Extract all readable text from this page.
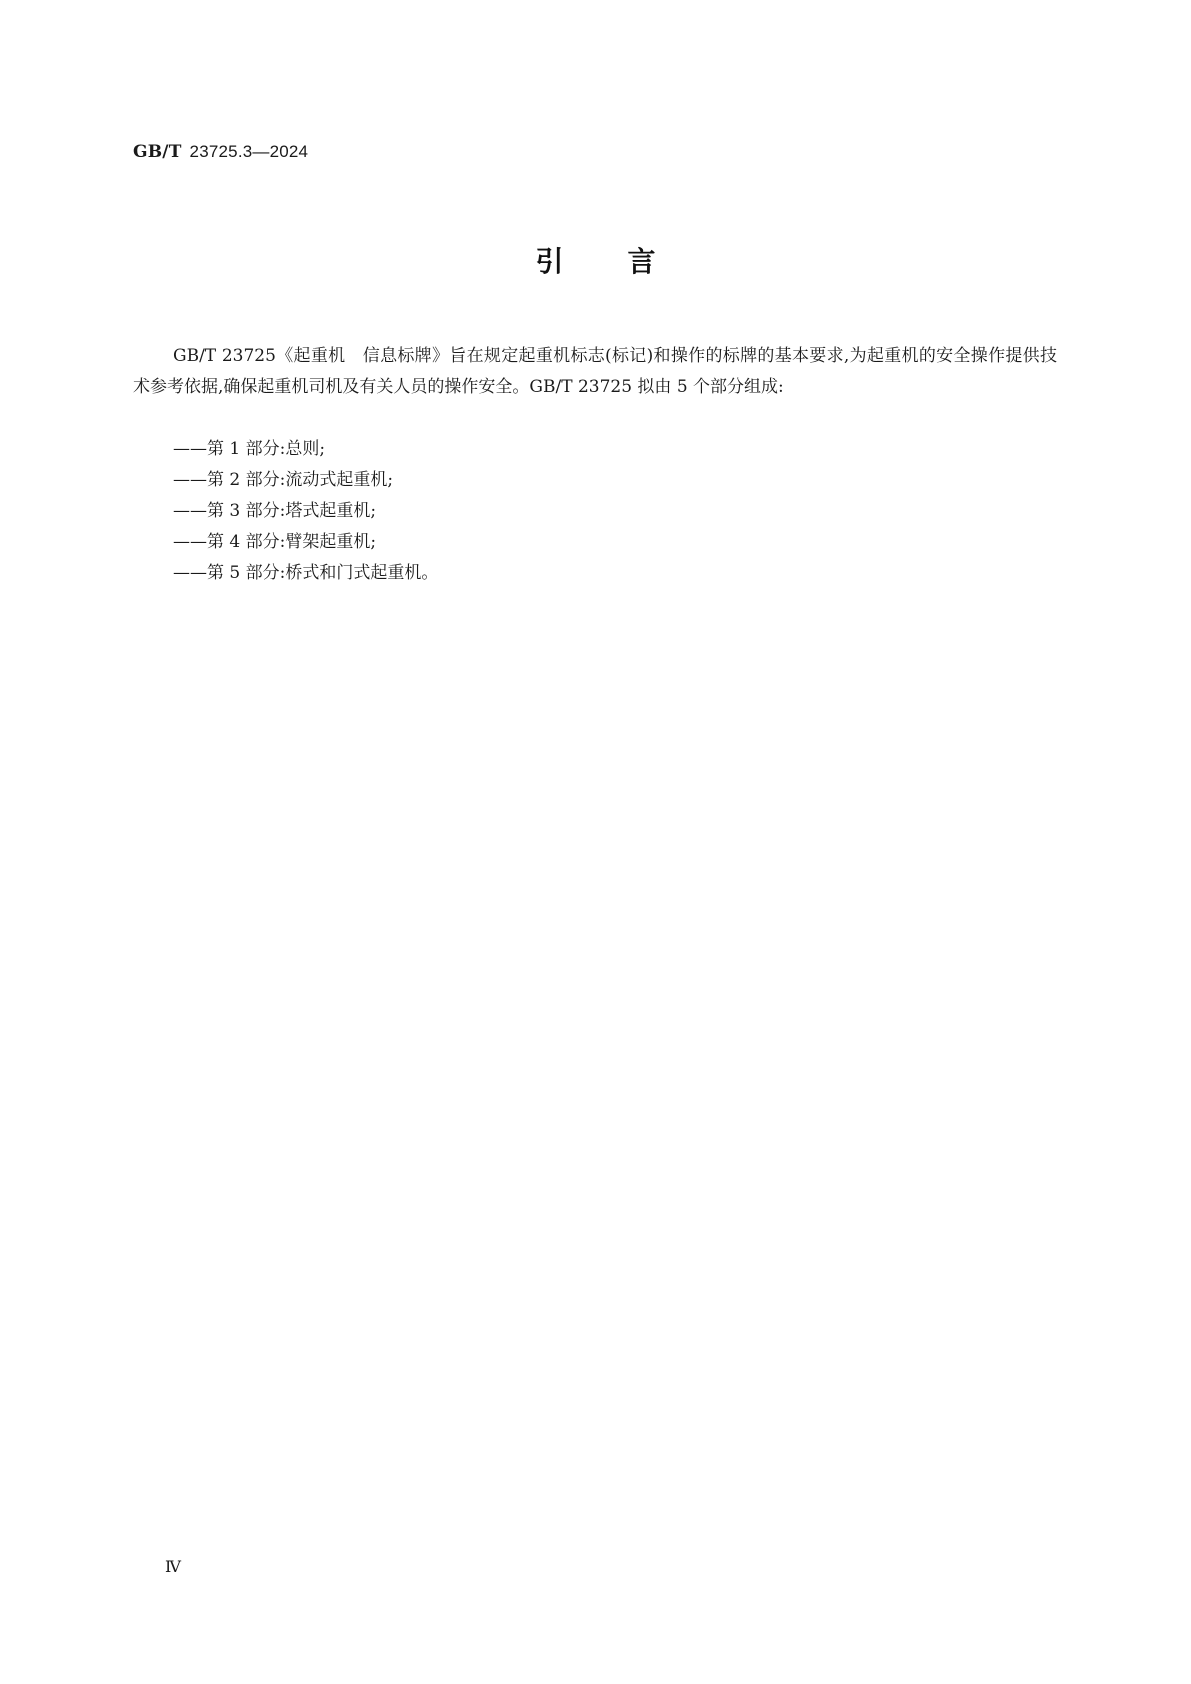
GB/T 23725.3—2024
引 言

GB/T 23725《起重机　信息标牌》旨在规定起重机标志(标记)和操作的标牌的基本要求,为起重机的安全操作提供技术参考依据,确保起重机司机及有关人员的操作安全。GB/T 23725 拟由 5 个部分组成:

——第 1 部分:总则;
——第 2 部分:流动式起重机;
——第 3 部分:塔式起重机;
——第 4 部分:臂架起重机;
——第 5 部分:桥式和门式起重机。
Ⅳ
